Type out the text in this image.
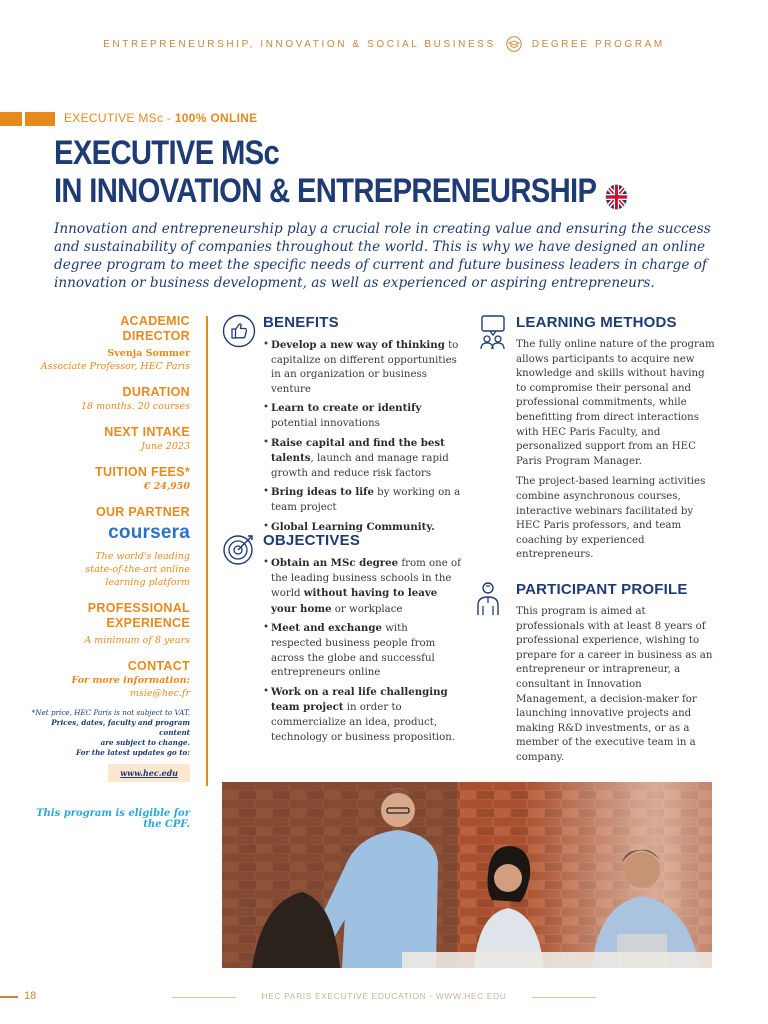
ENTREPRENEURSHIP, INNOVATION & SOCIAL BUSINESS	DEGREE PROGRAM
EXECUTIVE MSc - 100% ONLINE
EXECUTIVE MSc
IN INNOVATION & ENTREPRENEURSHIP

Innovation and entrepreneurship play a crucial role in creating value and ensuring the success and sustainability of companies throughout the world. This is why we have designed an online degree program to meet the specific needs of current and future business leaders in charge of innovation or business development, as well as experienced or aspiring entrepreneurs.

ACADEMIC DIRECTOR
Svenja Sommer
Associate Professor, HEC Paris
DURATION
18 months. 20 courses
NEXT INTAKE
June 2023
TUITION FEES*
€ 24,950
OUR PARTNER
coursera
The world's leading
state-of-the-art online
learning platform
PROFESSIONAL EXPERIENCE
A minimum of 8 years
CONTACT
For more information:
msie@hec.fr
*Net price, HEC Paris is not subject to VAT.
Prices, dates, faculty and program content
are subject to change.
For the latest updates go to:
www.hec.edu
This program is eligible for the CPF.
BENEFITS
• Develop a new way of thinking to capitalize on different opportunities in an organization or business venture
• Learn to create or identify potential innovations
• Raise capital and find the best talents, launch and manage rapid growth and reduce risk factors
• Bring ideas to life by working on a team project
• Global Learning Community.
OBJECTIVES
• Obtain an MSc degree from one of the leading business schools in the world without having to leave your home or workplace
• Meet and exchange with respected business people from across the globe and successful entrepreneurs online
• Work on a real life challenging team project in order to commercialize an idea, product, technology or business proposition.
LEARNING METHODS

The fully online nature of the program allows participants to acquire new knowledge and skills without having to compromise their personal and professional commitments, while benefitting from direct interactions with HEC Paris Faculty, and personalized support from an HEC Paris Program Manager.

The project-based learning activities combine asynchronous courses, interactive webinars facilitated by HEC Paris professors, and team coaching by experienced entrepreneurs.

PARTICIPANT PROFILE

This program is aimed at professionals with at least 8 years of professional experience, wishing to prepare for a career in business as an entrepreneur or intrapreneur, a consultant in Innovation Management, a decision-maker for launching innovative projects and making R&D investments, or as a member of the executive team in a company.

18	HEC PARIS EXECUTIVE EDUCATION - WWW.HEC.EDU
